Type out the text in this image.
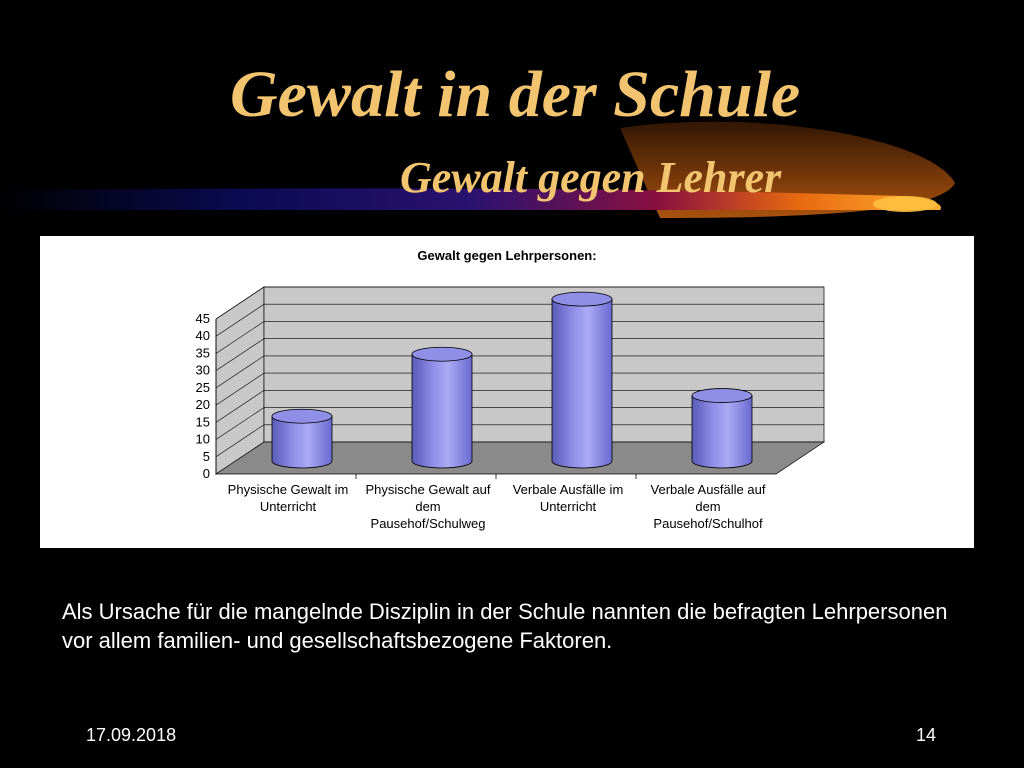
Gewalt in der Schule
Gewalt gegen Lehrer
0
5
10
15
20
25
30
35
40
45
Gewalt gegen Lehrpersonen:
Physische Gewalt im
Unterricht
Physische Gewalt auf
dem
Pausehof/Schulweg
Verbale Ausfälle im
Unterricht
Verbale Ausfälle auf
dem
Pausehof/Schulhof

Als Ursache für die mangelnde Disziplin in der Schule nannten die befragten Lehrpersonen vor allem familien- und gesellschaftsbezogene Faktoren.

17.09.2018	14
